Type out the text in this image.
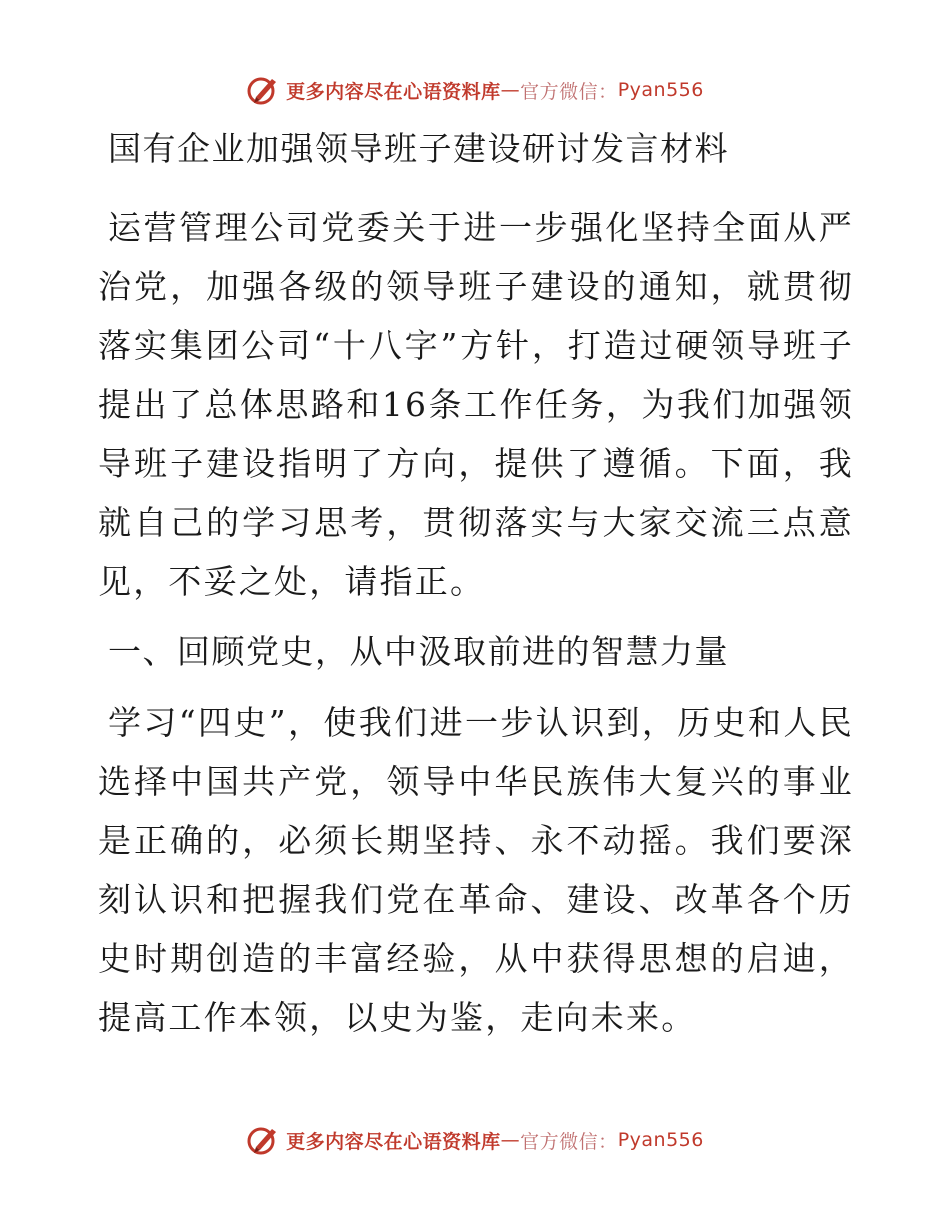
更多内容尽在心语资料库 — 官方微信： Pyan556
国有企业加强领导班子建设研讨发言材料

运营管理公司党委关于进一步强化坚持全面从严治党，加强各级的领导班子建设的通知，就贯彻落实集团公司“十八字”方针，打造过硬领导班子提出了总体思路和16条工作任务，为我们加强领导班子建设指明了方向，提供了遵循。下面，我就自己的学习思考，贯彻落实与大家交流三点意见，不妥之处，请指正。

一、回顾党史，从中汲取前进的智慧力量

学习“四史”，使我们进一步认识到，历史和人民选择中国共产党，领导中华民族伟大复兴的事业是正确的，必须长期坚持、永不动摇。我们要深刻认识和把握我们党在革命、建设、改革各个历史时期创造的丰富经验，从中获得思想的启迪，提高工作本领，以史为鉴，走向未来。

更多内容尽在心语资料库 — 官方微信： Pyan556
